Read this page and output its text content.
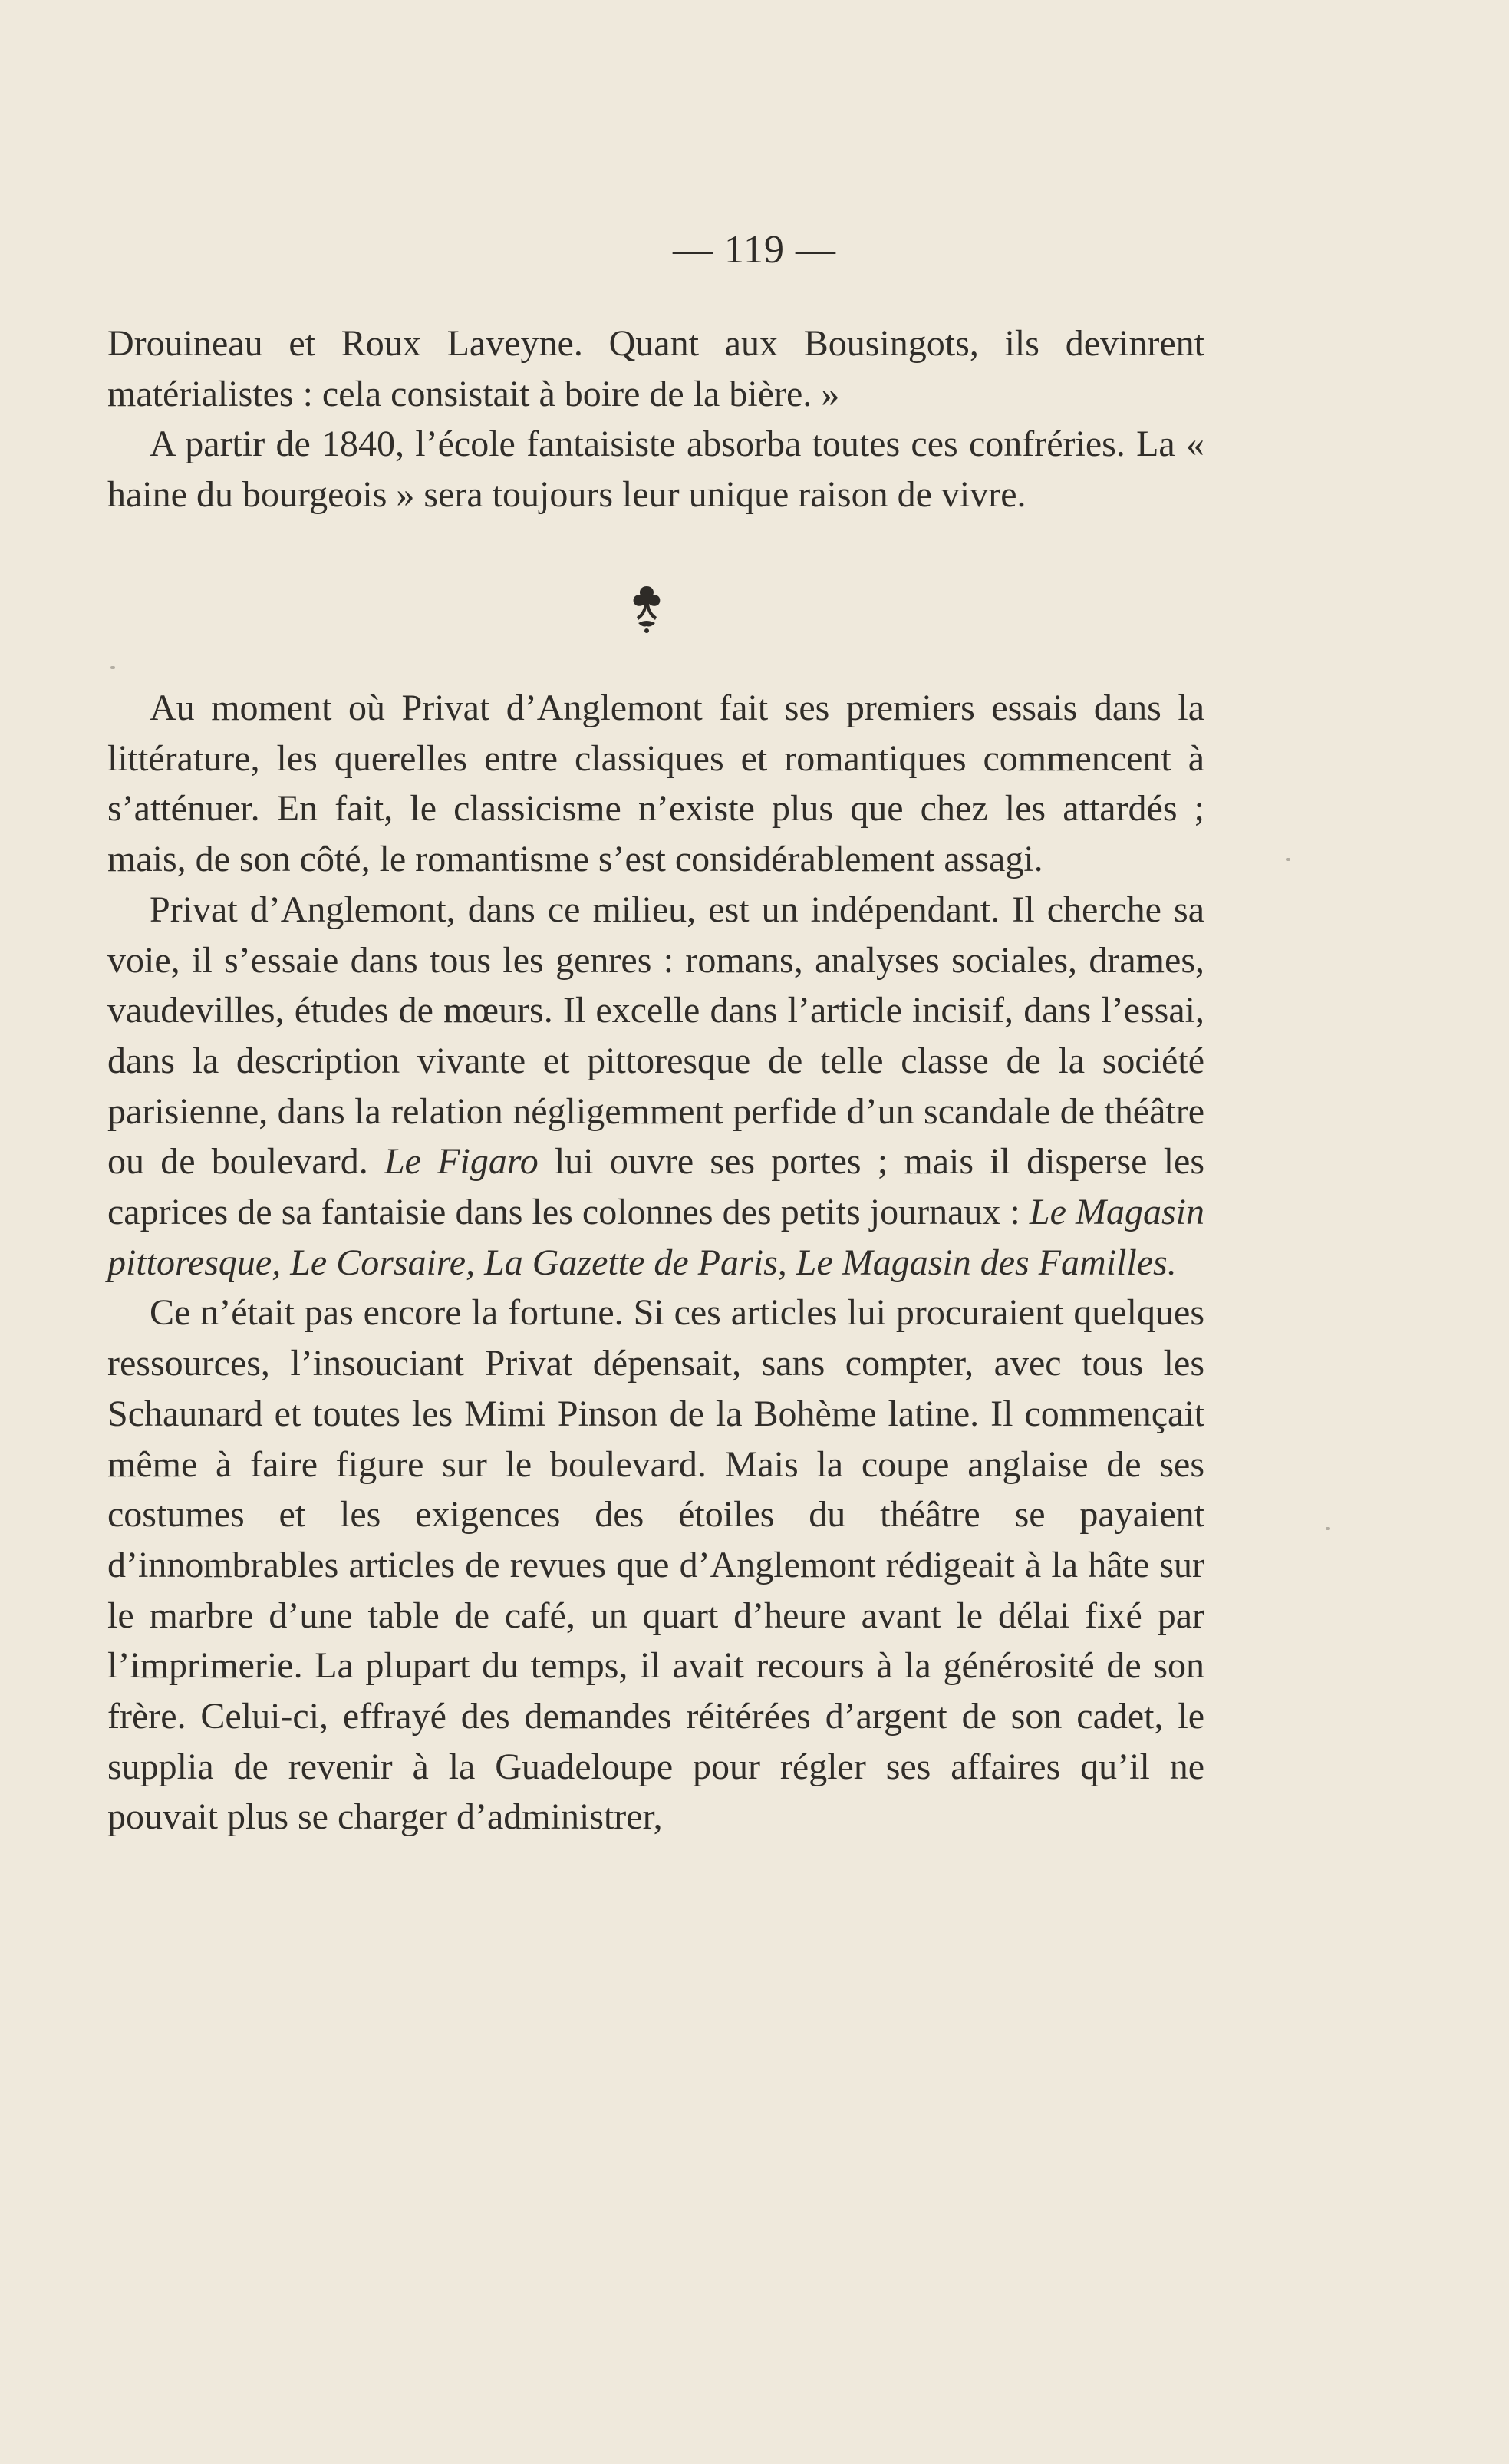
— 119 —

Drouineau et Roux Laveyne. Quant aux Bousingots, ils devinrent matérialistes : cela consistait à boire de la bière. »

A partir de 1840, l’école fantaisiste absorba toutes ces confréries. La « haine du bourgeois » sera toujours leur unique raison de vivre.

Au moment où Privat d’Anglemont fait ses premiers essais dans la littérature, les querelles entre classiques et romantiques commencent à s’atténuer. En fait, le classicisme n’existe plus que chez les attardés ; mais, de son côté, le romantisme s’est considérablement assagi.

Privat d’Anglemont, dans ce milieu, est un indépendant. Il cherche sa voie, il s’essaie dans tous les genres : romans, analyses sociales, drames, vaudevilles, études de mœurs. Il excelle dans l’article incisif, dans l’essai, dans la description vivante et pittoresque de telle classe de la société parisienne, dans la relation négligemment perfide d’un scandale de théâtre ou de boulevard. Le Figaro lui ouvre ses portes ; mais il disperse les caprices de sa fantaisie dans les colonnes des petits journaux : Le Magasin pittoresque, Le Corsaire, La Gazette de Paris, Le Magasin des Familles.

Ce n’était pas encore la fortune. Si ces articles lui procuraient quelques ressources, l’insouciant Privat dépensait, sans compter, avec tous les Schaunard et toutes les Mimi Pinson de la Bohème latine. Il commençait même à faire figure sur le boulevard. Mais la coupe anglaise de ses costumes et les exigences des étoiles du théâtre se payaient d’innombrables articles de revues que d’Anglemont rédigeait à la hâte sur le marbre d’une table de café, un quart d’heure avant le délai fixé par l’imprimerie. La plupart du temps, il avait recours à la générosité de son frère. Celui-ci, effrayé des demandes réitérées d’argent de son cadet, le supplia de revenir à la Guadeloupe pour régler ses affaires qu’il ne pouvait plus se charger d’administrer,
